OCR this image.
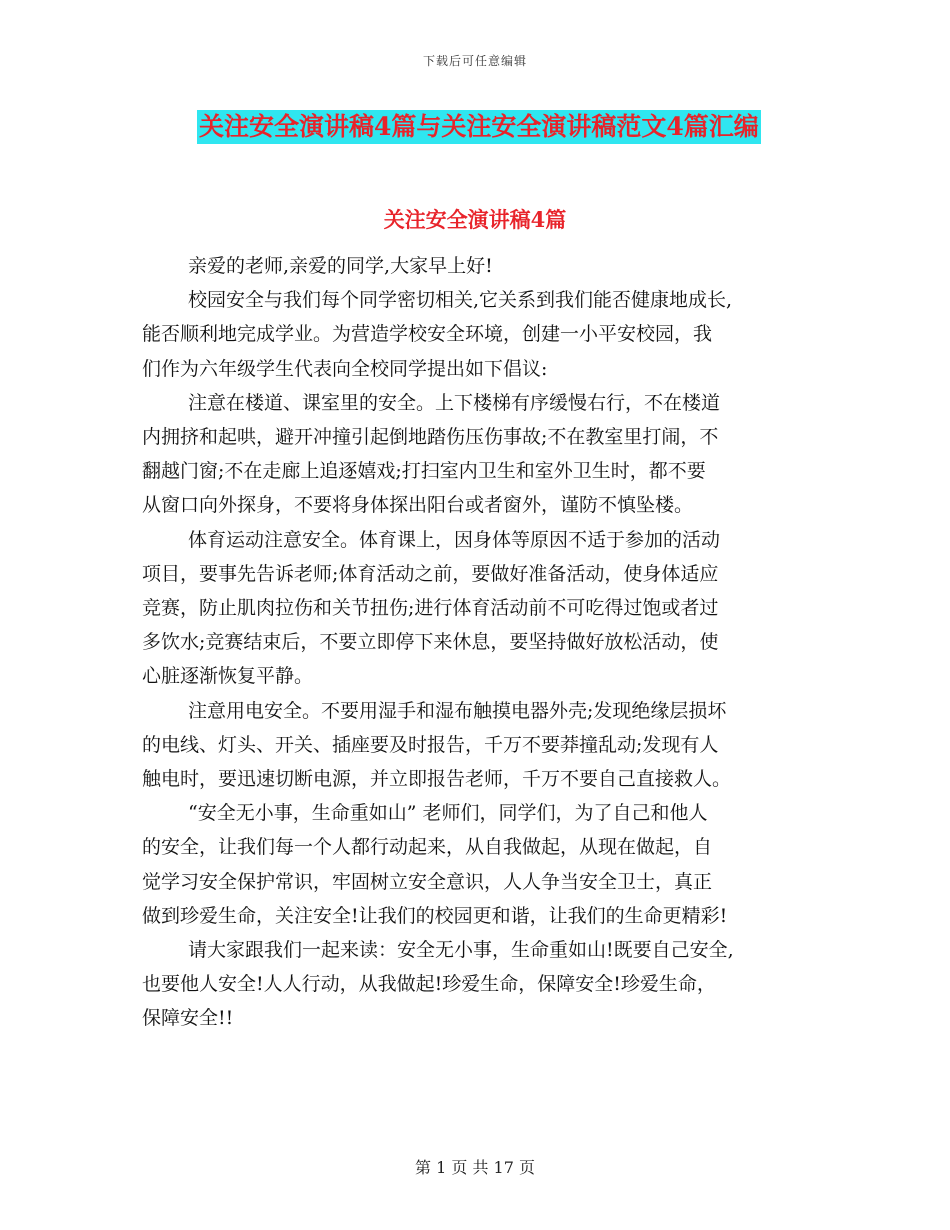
下载后可任意编辑
关注安全演讲稿4篇与关注安全演讲稿范文4篇汇编
关注安全演讲稿4篇

亲爱的老师,亲爱的同学,大家早上好!

校园安全与我们每个同学密切相关,它关系到我们能否健康地成长,
能否顺利地完成学业。为营造学校安全环境，创建一小平安校园，我
们作为六年级学生代表向全校同学提出如下倡议:

注意在楼道、课室里的安全。上下楼梯有序缓慢右行，不在楼道
内拥挤和起哄，避开冲撞引起倒地踏伤压伤事故;不在教室里打闹，不
翻越门窗;不在走廊上追逐嬉戏;打扫室内卫生和室外卫生时，都不要
从窗口向外探身，不要将身体探出阳台或者窗外，谨防不慎坠楼。

体育运动注意安全。体育课上，因身体等原因不适于参加的活动
项目，要事先告诉老师;体育活动之前，要做好准备活动，使身体适应
竞赛，防止肌肉拉伤和关节扭伤;进行体育活动前不可吃得过饱或者过
多饮水;竞赛结束后，不要立即停下来休息，要坚持做好放松活动，使
心脏逐渐恢复平静。

注意用电安全。不要用湿手和湿布触摸电器外壳;发现绝缘层损坏
的电线、灯头、开关、插座要及时报告，千万不要莽撞乱动;发现有人
触电时，要迅速切断电源，并立即报告老师，千万不要自己直接救人。

“安全无小事，生命重如山” 老师们，同学们，为了自己和他人
的安全，让我们每一个人都行动起来，从自我做起，从现在做起，自
觉学习安全保护常识，牢固树立安全意识，人人争当安全卫士，真正
做到珍爱生命，关注安全!让我们的校园更和谐，让我们的生命更精彩!

请大家跟我们一起来读：安全无小事，生命重如山!既要自己安全,
也要他人安全!人人行动，从我做起!珍爱生命，保障安全!珍爱生命，
保障安全!!

第 1 页 共 17 页
